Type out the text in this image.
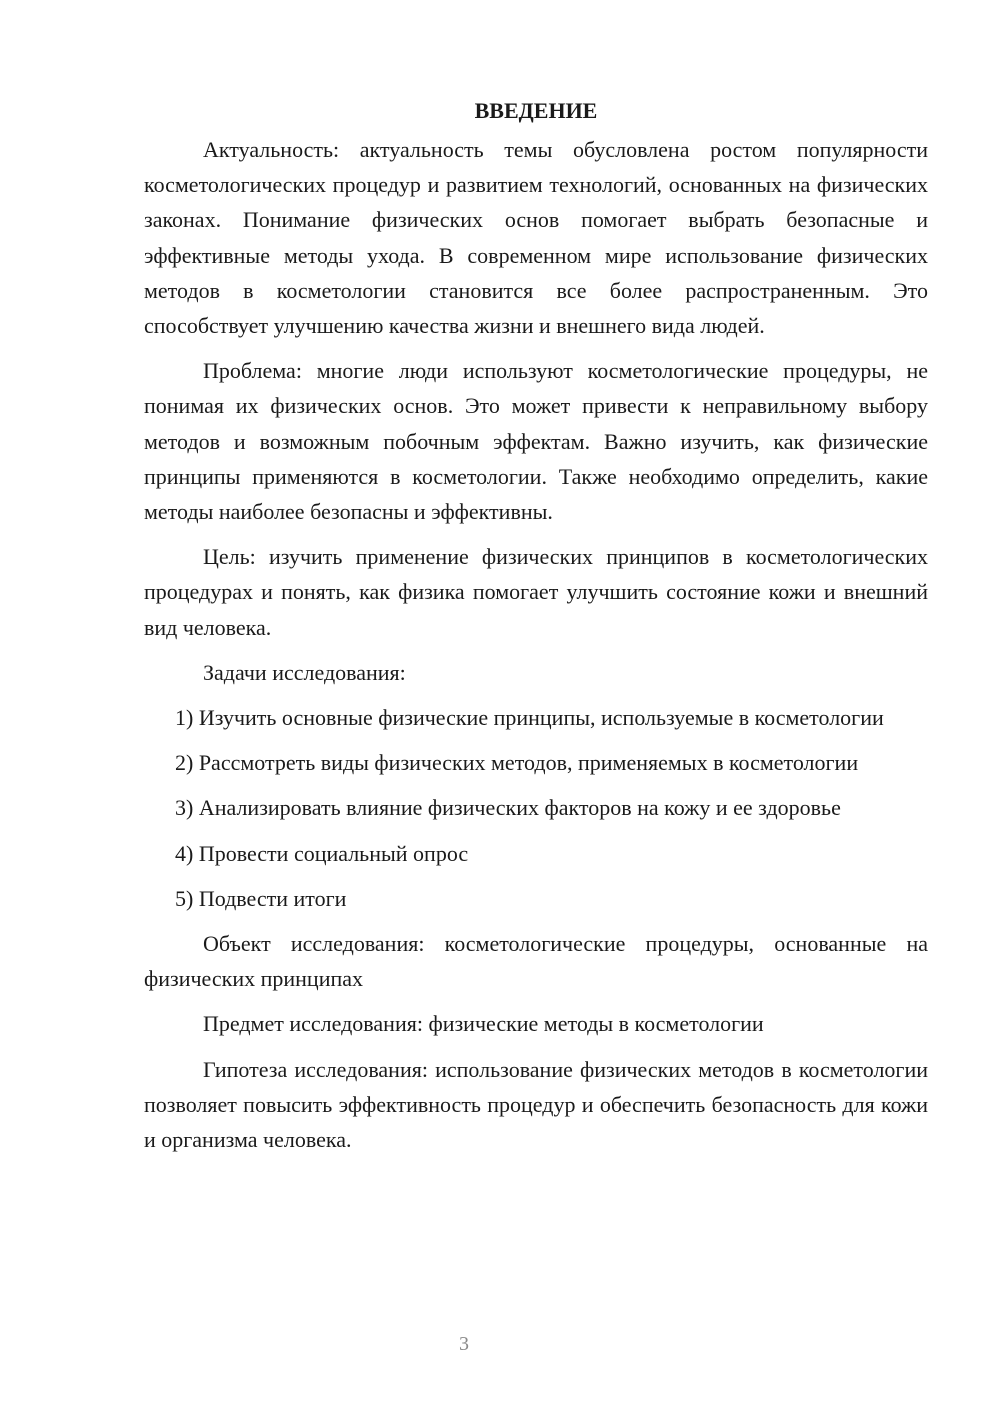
ВВЕДЕНИЕ

Актуальность: актуальность темы обусловлена ростом популярности косметологических процедур и развитием технологий, основанных на физических законах. Понимание физических основ помогает выбрать безопасные и эффективные методы ухода. В современном мире использование физических методов в косметологии становится все более распространенным. Это способствует улучшению качества жизни и внешнего вида людей.

Проблема: многие люди используют косметологические процедуры, не понимая их физических основ. Это может привести к неправильному выбору методов и возможным побочным эффектам. Важно изучить, как физические принципы применяются в косметологии. Также необходимо определить, какие методы наиболее безопасны и эффективны.

Цель: изучить применение физических принципов в косметологических процедурах и понять, как физика помогает улучшить состояние кожи и внешний вид человека.

Задачи исследования:

1) Изучить основные физические принципы, используемые в косметологии

2) Рассмотреть виды физических методов, применяемых в косметологии

3) Анализировать влияние физических факторов на кожу и ее здоровье

4) Провести социальный опрос

5) Подвести итоги

Объект исследования: косметологические процедуры, основанные на физических принципах

Предмет исследования: физические методы в косметологии

Гипотеза исследования: использование физических методов в косметологии позволяет повысить эффективность процедур и обеспечить безопасность для кожи и организма человека.

3
